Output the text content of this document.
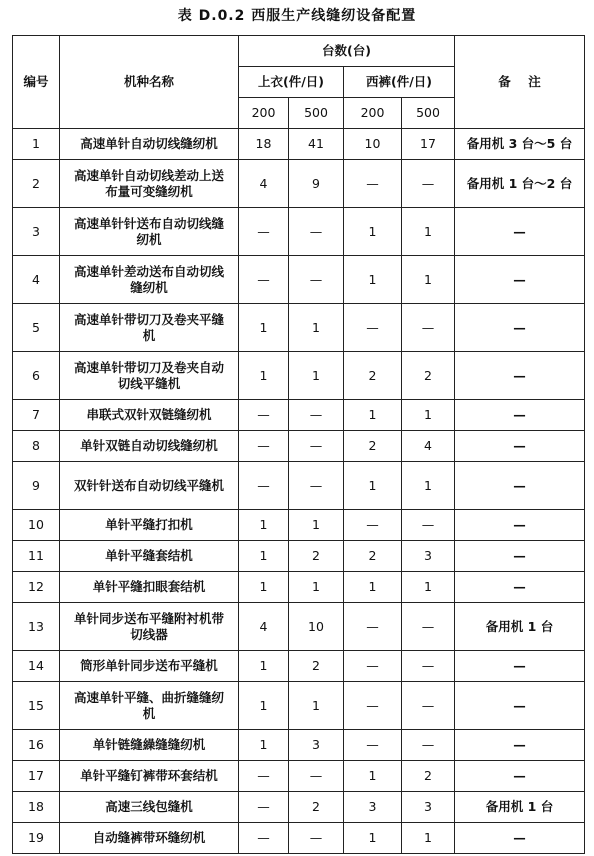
表 D.0.2 西服生产线缝纫设备配置
编号	机种名称	台数(台)				备    注
		上衣(件/日)		西裤(件/日)		
		200	500	200	500	
1	高速单针自动切线缝纫机	18	41	10	17	备用机 3 台～5 台
2	高速单针自动切线差动上送布量可变缝纫机	4	9	—	—	备用机 1 台～2 台
3	高速单针针送布自动切线缝纫机	—	—	1	1	—
4	高速单针差动送布自动切线缝纫机	—	—	1	1	—
5	高速单针带切刀及卷夹平缝机	1	1	—	—	—
6	高速单针带切刀及卷夹自动切线平缝机	1	1	2	2	—
7	串联式双针双链缝纫机	—	—	1	1	—
8	单针双链自动切线缝纫机	—	—	2	4	—
9	双针针送布自动切线平缝机	—	—	1	1	—
10	单针平缝打扣机	1	1	—	—	—
11	单针平缝套结机	1	2	2	3	—
12	单针平缝扣眼套结机	1	1	1	1	—
13	单针同步送布平缝附衬机带切线器	4	10	—	—	备用机 1 台
14	筒形单针同步送布平缝机	1	2	—	—	—
15	高速单针平缝、曲折缝缝纫机	1	1	—	—	—
16	单针链缝繰缝缝纫机	1	3	—	—	—
17	单针平缝钉裤带环套结机	—	—	1	2	—
18	高速三线包缝机	—	2	3	3	备用机 1 台
19	自动缝裤带环缝纫机	—	—	1	1	—
